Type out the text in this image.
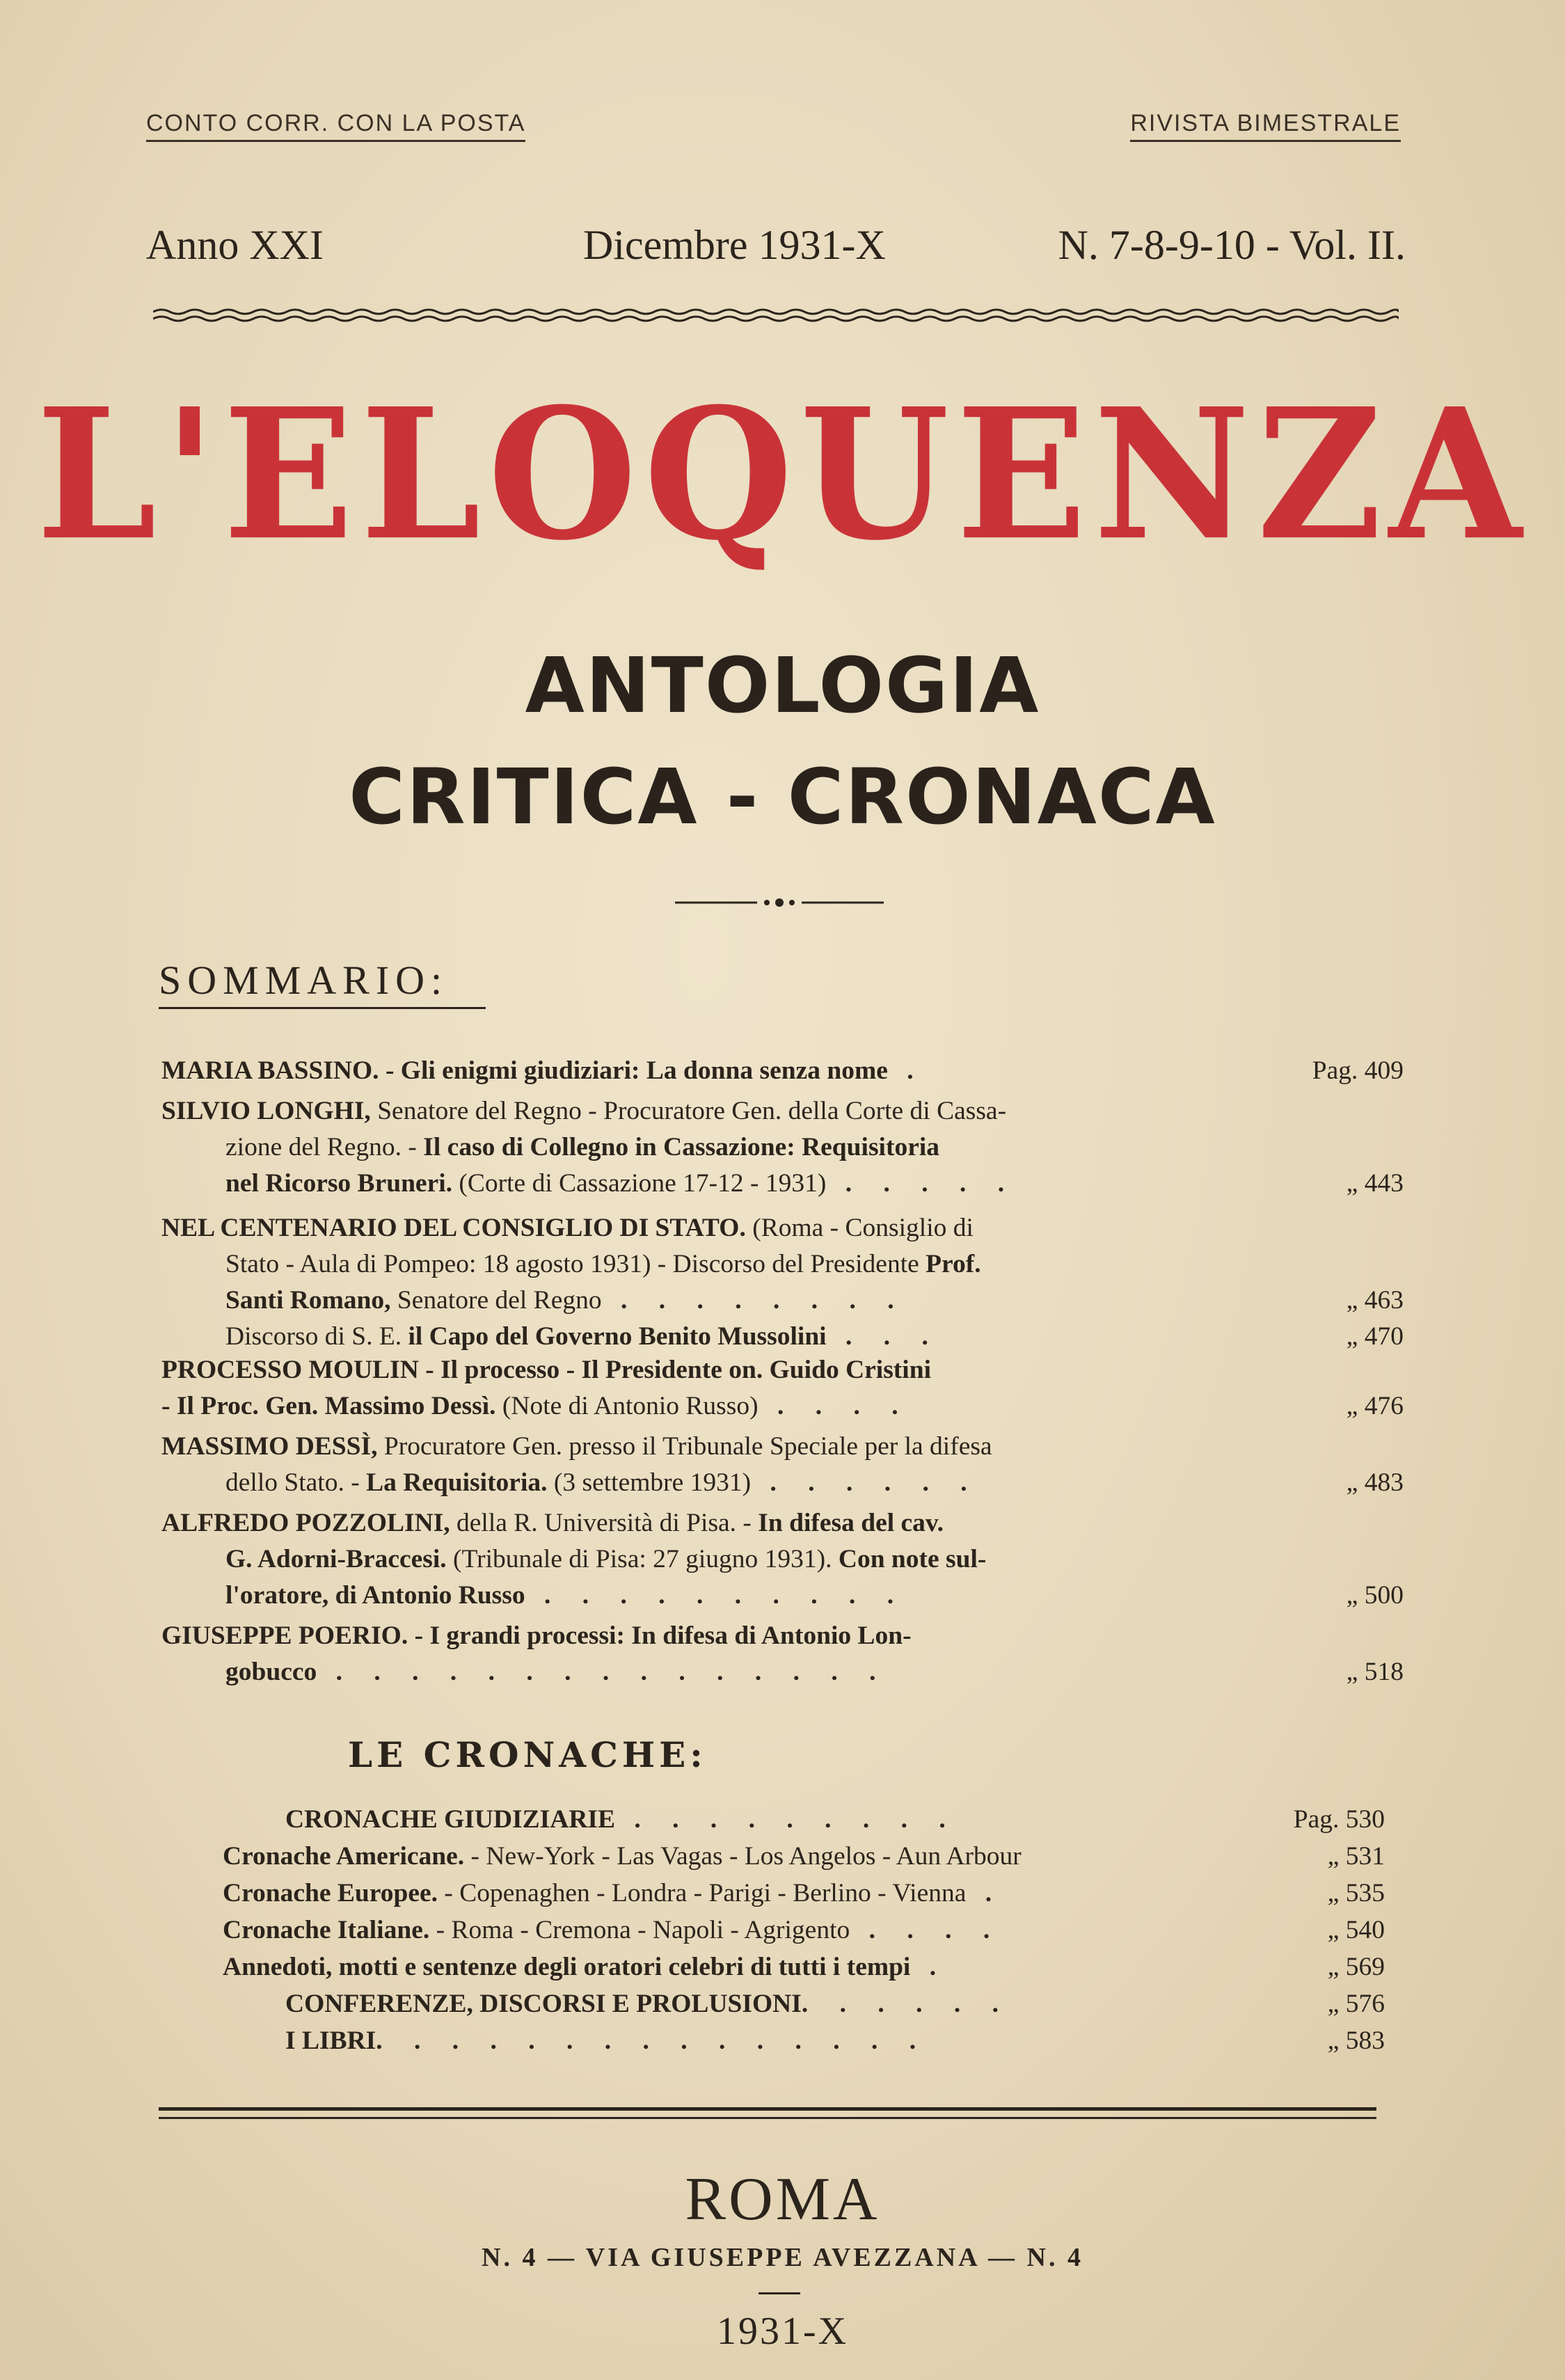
CONTO CORR. CON LA POSTA	RIVISTA BIMESTRALE
Anno XXI	Dicembre 1931-X	N. 7-8-9-10 - Vol. II.
L'ELOQUENZA
ANTOLOGIA
CRITICA - CRONACA
SOMMARIO:
MARIA BASSINO. - Gli enigmi giudiziari: La donna senza nome .	Pag. 409
SILVIO LONGHI, Senatore del Regno - Procuratore Gen. della Corte di Cassa-
zione del Regno. - Il caso di Collegno in Cassazione: Requisitoria
nel Ricorso Bruneri. (Corte di Cassazione 17-12 - 1931) . . . . .	„ 443
NEL CENTENARIO DEL CONSIGLIO DI STATO. (Roma - Consiglio di
Stato - Aula di Pompeo: 18 agosto 1931) - Discorso del Presidente Prof.
Santi Romano, Senatore del Regno . . . . . . . .	„ 463
Discorso di S. E. il Capo del Governo Benito Mussolini . . .	„ 470
PROCESSO MOULIN - Il processo - Il Presidente on. Guido Cristini
- Il Proc. Gen. Massimo Dessì. (Note di Antonio Russo) . . . .	„ 476
MASSIMO DESSÌ, Procuratore Gen. presso il Tribunale Speciale per la difesa
dello Stato. - La Requisitoria. (3 settembre 1931) . . . . . .	„ 483
ALFREDO POZZOLINI, della R. Università di Pisa. - In difesa del cav.
G. Adorni-Braccesi. (Tribunale di Pisa: 27 giugno 1931). Con note sul-
l'oratore, di Antonio Russo . . . . . . . . . .	„ 500
GIUSEPPE POERIO. - I grandi processi: In difesa di Antonio Lon-
gobucco . . . . . . . . . . . . . . .	„ 518
LE CRONACHE:
CRONACHE GIUDIZIARIE . . . . . . . . .	Pag. 530
Cronache Americane. - New-York - Las Vagas - Los Angelos - Aun Arbour	„ 531
Cronache Europee. - Copenaghen - Londra - Parigi - Berlino - Vienna .	„ 535
Cronache Italiane. - Roma - Cremona - Napoli - Agrigento . . . .	„ 540
Annedoti, motti e sentenze degli oratori celebri di tutti i tempi .	„ 569
CONFERENZE, DISCORSI E PROLUSIONI. . . . . .	„ 576
I LIBRI. . . . . . . . . . . . . . .	„ 583
ROMA
N. 4 — VIA GIUSEPPE AVEZZANA — N. 4
1931-X
